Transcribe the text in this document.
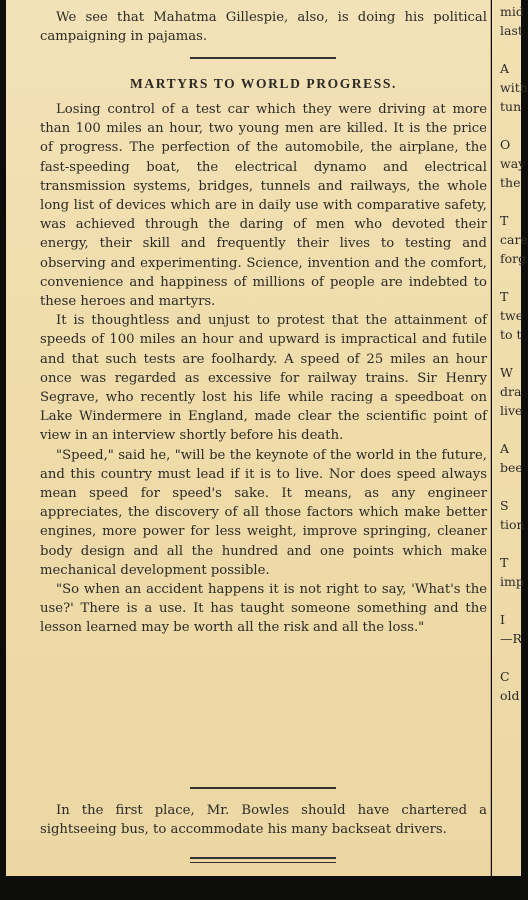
mid
last
A
with
tun
O
way
the
T
care
forg
T
twe
to t
W
dra
live
A
bee
S
tion
T
imp
I
—R
C
old

We see that Mahatma Gillespie, also, is doing his political campaigning in pajamas.

MARTYRS TO WORLD PROGRESS.

Losing control of a test car which they were driving at more than 100 miles an hour, two young men are killed. It is the price of progress. The perfection of the automobile, the airplane, the fast-speeding boat, the electrical dynamo and electrical transmission systems, bridges, tunnels and railways, the whole long list of devices which are in daily use with comparative safety, was achieved through the daring of men who devoted their energy, their skill and frequently their lives to testing and observing and experimenting. Science, invention and the comfort, convenience and happiness of millions of people are indebted to these heroes and martyrs.

It is thoughtless and unjust to protest that the attainment of speeds of 100 miles an hour and upward is impractical and futile and that such tests are foolhardy. A speed of 25 miles an hour once was regarded as excessive for railway trains. Sir Henry Segrave, who recently lost his life while racing a speedboat on Lake Windermere in England, made clear the scientific point of view in an interview shortly before his death.

"Speed," said he, "will be the keynote of the world in the future, and this country must lead if it is to live. Nor does speed always mean speed for speed's sake. It means, as any engineer appreciates, the discovery of all those factors which make better engines, more power for less weight, improve springing, cleaner body design and all the hundred and one points which make mechanical development possible.

"So when an accident happens it is not right to say, 'What's the use?' There is a use. It has taught someone something and the lesson learned may be worth all the risk and all the loss."

In the first place, Mr. Bowles should have chartered a sightseeing bus, to accommodate his many backseat drivers.
